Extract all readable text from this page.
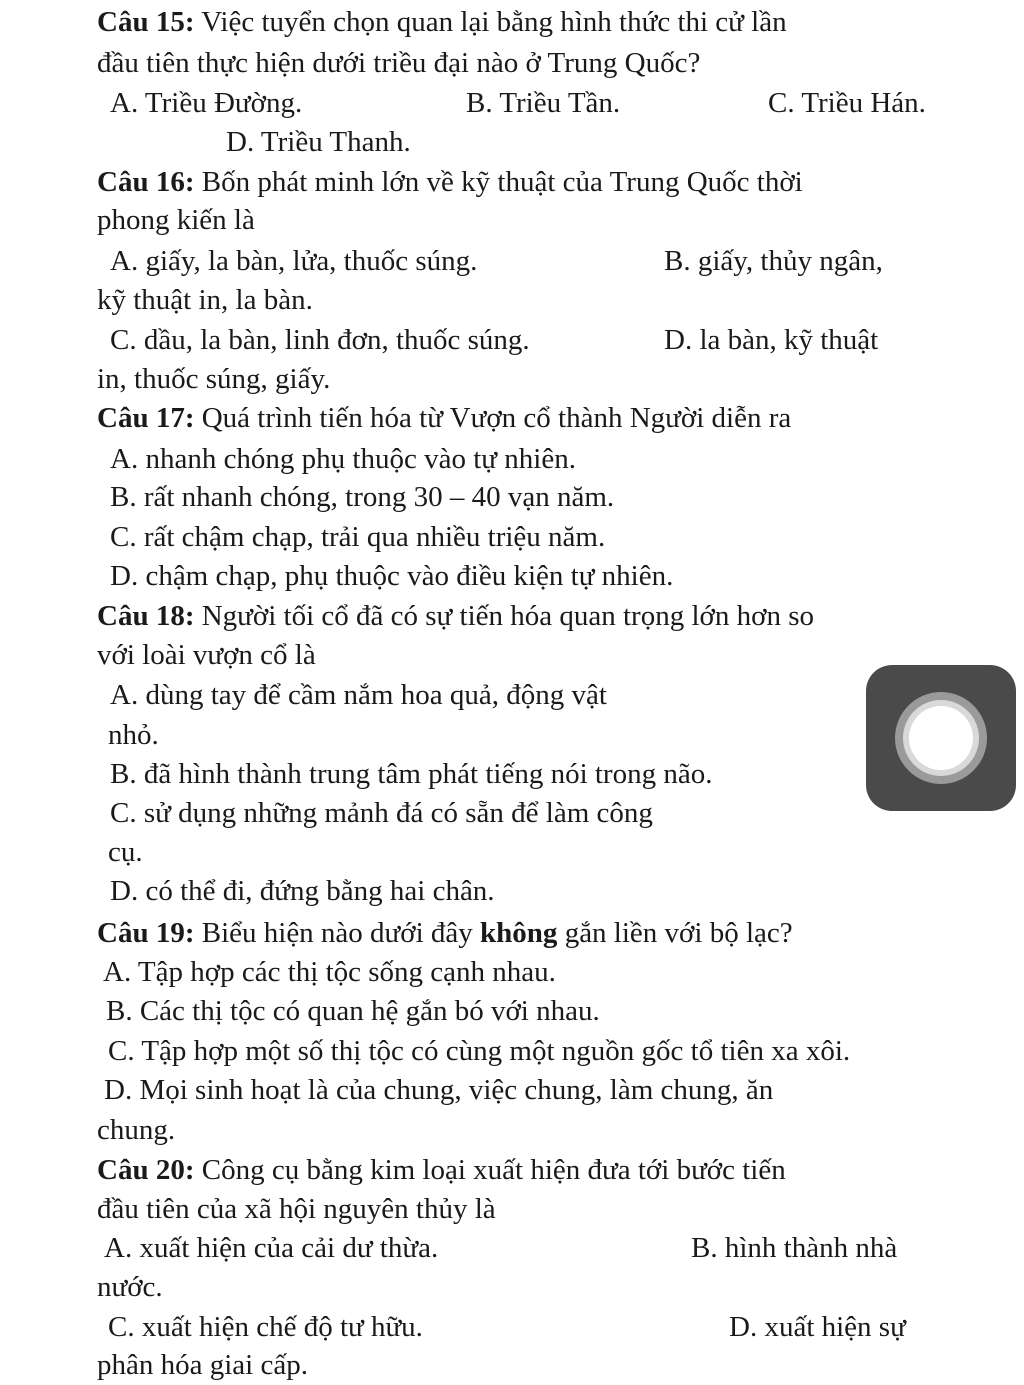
Câu 15: Việc tuyển chọn quan lại bằng hình thức thi cử lần
đầu tiên thực hiện dưới triều đại nào ở Trung Quốc?
A. Triều Đường.	B. Triều Tần.	C. Triều Hán.
D. Triều Thanh.
Câu 16: Bốn phát minh lớn về kỹ thuật của Trung Quốc thời
phong kiến là
A. giấy, la bàn, lửa, thuốc súng.	B. giấy, thủy ngân,
kỹ thuật in, la bàn.
C. dầu, la bàn, linh đơn, thuốc súng.	D. la bàn, kỹ thuật
in, thuốc súng, giấy.
Câu 17: Quá trình tiến hóa từ Vượn cổ thành Người diễn ra
A. nhanh chóng phụ thuộc vào tự nhiên.
B. rất nhanh chóng, trong 30 – 40 vạn năm.
C. rất chậm chạp, trải qua nhiều triệu năm.
D. chậm chạp, phụ thuộc vào điều kiện tự nhiên.
Câu 18: Người tối cổ đã có sự tiến hóa quan trọng lớn hơn so
với loài vượn cổ là
A. dùng tay để cầm nắm hoa quả, động vật
nhỏ.
B. đã hình thành trung tâm phát tiếng nói trong não.
C. sử dụng những mảnh đá có sẵn để làm công
cụ.
D. có thể đi, đứng bằng hai chân.
Câu 19: Biểu hiện nào dưới đây không gắn liền với bộ lạc?
A. Tập hợp các thị tộc sống cạnh nhau.
B. Các thị tộc có quan hệ gắn bó với nhau.
C. Tập hợp một số thị tộc có cùng một nguồn gốc tổ tiên xa xôi.
D. Mọi sinh hoạt là của chung, việc chung, làm chung, ăn
chung.
Câu 20: Công cụ bằng kim loại xuất hiện đưa tới bước tiến
đầu tiên của xã hội nguyên thủy là
A. xuất hiện của cải dư thừa.	B. hình thành nhà
nước.
C. xuất hiện chế độ tư hữu.	D. xuất hiện sự
phân hóa giai cấp.
